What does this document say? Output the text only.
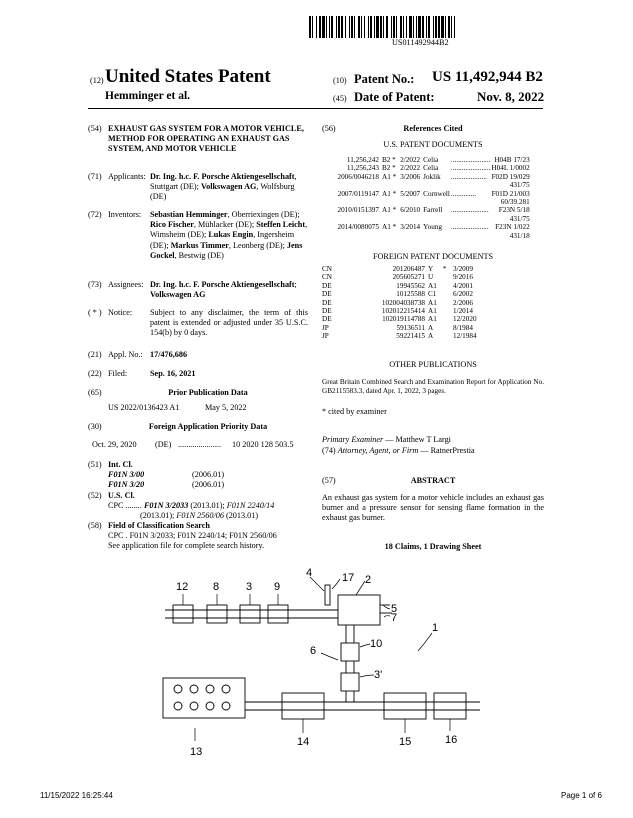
US011492944B2
(12) United States Patent
Hemminger et al.
(10) Patent No.: US 11,492,944 B2
(45) Date of Patent:	Nov. 8, 2022
(54) EXHAUST GAS SYSTEM FOR A MOTOR VEHICLE, METHOD FOR OPERATING AN EXHAUST GAS SYSTEM, AND MOTOR VEHICLE
(71) Applicants: Dr. Ing. h.c. F. Porsche Aktiengesellschaft, Stuttgart (DE); Volkswagen AG, Wolfsburg (DE)
(72) Inventors: Sebastian Hemminger, Oberriexingen (DE); Rico Fischer, Mühlacker (DE); Steffen Leicht, Wimsheim (DE); Lukas Engin, Ingersheim (DE); Markus Timmer, Leonberg (DE); Jens Gockel, Bestwig (DE)
(73) Assignees: Dr. Ing. h.c. F. Porsche Aktiengesellschaft; Volkswagen AG
( * ) Notice: Subject to any disclaimer, the term of this patent is extended or adjusted under 35 U.S.C. 154(b) by 0 days.
(21) Appl. No.: 17/476,686
(22) Filed:	Sep. 16, 2021
(65)	Prior Publication Data
US 2022/0136423 A1	May 5, 2022
(30)	Foreign Application Priority Data
Oct. 29, 2020 (DE) ..................... 10 2020 128 503.5
(51) Int. Cl.
F01N 3/00	(2006.01)
F01N 3/20	(2006.01)
(52) U.S. Cl.
CPC ........ F01N 3/2033 (2013.01); F01N 2240/14
(2013.01); F01N 2560/06 (2013.01)
(58) Field of Classification Search
CPC . F01N 3/2033; F01N 2240/14; F01N 2560/06
See application file for complete search history.
(56)	References Cited
U.S. PATENT DOCUMENTS
11,256,242	B2 *	2/2022	Celia	......................	H04B 17/23
11,256,243	B2 *	2/2022	Celia	......................	H04L 1/0002
2006/0046218	A1 *	3/2006	Joklik	....................	F02D 19/029
431/75					
2007/0119147	A1 *	5/2007	Cornwell	..............	F01D 21/003
60/39.281					
2010/0151397	A1 *	6/2010	Farrell	.....................	F23N 5/18
431/75					
2014/0080075	A1 *	3/2014	Young	.....................	F23N 1/022
431/18					
FOREIGN PATENT DOCUMENTS
CN	201206487	Y	*	3/2009
CN	205605271	U		9/2016
DE	19945562	A1		4/2001
DE	10125588	C1		6/2002
DE	102004038738	A1		2/2006
DE	102012215414	A1		1/2014
DE	102019114788	A1		12/2020
JP	59136511	A		8/1984
JP	59221415	A		12/1984
OTHER PUBLICATIONS
Great Britain Combined Search and Examination Report for Application No. GB2115583.3, dated Apr. 1, 2022, 3 pages.
* cited by examiner
Primary Examiner — Matthew T Largi
(74) Attorney, Agent, or Firm — RatnerPrestia
(57)	ABSTRACT
An exhaust gas system for a motor vehicle includes an exhaust gas burner and a pressure sensor for sensing flame formation in the exhaust gas burner.
18 Claims, 1 Drawing Sheet
12 8 3 9
4	17 2
5
7
1
6
10
3'
13
14	15	16
11/15/2022 16:25:44	Page 1 of 6
